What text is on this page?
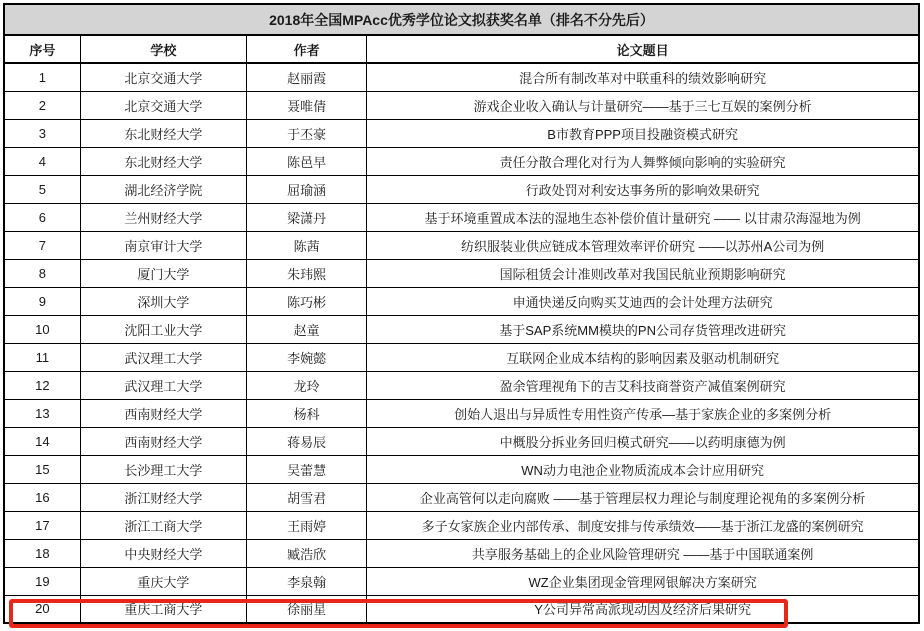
2018年全国MPAcc优秀学位论文拟获奖名单（排名不分先后）			
序号	学校	作者	论文题目
1	北京交通大学	赵丽霞	混合所有制改革对中联重科的绩效影响研究
2	北京交通大学	聂唯倩	游戏企业收入确认与计量研究——基于三七互娱的案例分析
3	东北财经大学	于丕豪	B市教育PPP项目投融资模式研究
4	东北财经大学	陈邑早	责任分散合理化对行为人舞弊倾向影响的实验研究
5	湖北经济学院	屈瑜涵	行政处罚对利安达事务所的影响效果研究
6	兰州财经大学	梁潇丹	基于环境重置成本法的湿地生态补偿价值计量研究 —— 以甘肃尕海湿地为例
7	南京审计大学	陈茜	纺织服装业供应链成本管理效率评价研究 ——以苏州A公司为例
8	厦门大学	朱玮熙	国际租赁会计准则改革对我国民航业预期影响研究
9	深圳大学	陈巧彬	申通快递反向购买艾迪西的会计处理方法研究
10	沈阳工业大学	赵童	基于SAP系统MM模块的PN公司存货管理改进研究
11	武汉理工大学	李婉懿	互联网企业成本结构的影响因素及驱动机制研究
12	武汉理工大学	龙玲	盈余管理视角下的吉艾科技商誉资产减值案例研究
13	西南财经大学	杨科	创始人退出与异质性专用性资产传承—基于家族企业的多案例分析
14	西南财经大学	蒋易辰	中概股分拆业务回归模式研究——以药明康德为例
15	长沙理工大学	吴蕾慧	WN动力电池企业物质流成本会计应用研究
16	浙江财经大学	胡雪君	企业高管何以走向腐败 ——基于管理层权力理论与制度理论视角的多案例分析
17	浙江工商大学	王雨婷	多子女家族企业内部传承、制度安排与传承绩效——基于浙江龙盛的案例研究
18	中央财经大学	臧浩欣	共享服务基础上的企业风险管理研究 ——基于中国联通案例
19	重庆大学	李泉翰	WZ企业集团现金管理网银解决方案研究
20	重庆工商大学	徐丽星	Y公司异常高派现动因及经济后果研究
